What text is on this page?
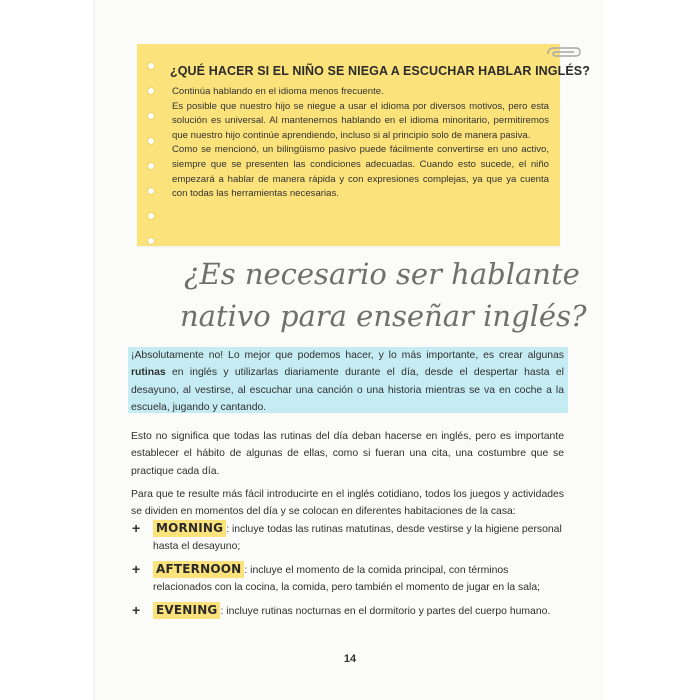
¿QUÉ HACER SI EL NIÑO SE NIEGA A ESCUCHAR HABLAR INGLÉS?

Continúa hablando en el idioma menos frecuente.

Es posible que nuestro hijo se niegue a usar el idioma por diversos motivos, pero esta solución es universal. Al mantenernos hablando en el idioma minoritario, permitiremos que nuestro hijo continúe aprendiendo, incluso si al principio solo de manera pasiva.

Como se mencionó, un bilingüismo pasivo puede fácilmente convertirse en uno activo, siempre que se presenten las condiciones adecuadas. Cuando esto sucede, el niño empezará a hablar de manera rápida y con expresiones complejas, ya que ya cuenta con todas las herramientas necesarias.

¿Es necesario ser hablante
nativo para enseñar inglés?
¡Absolutamente no! Lo mejor que podemos hacer, y lo más importante, es crear algunas rutinas en inglés y utilizarlas diariamente durante el día, desde el despertar hasta el desayuno, al vestirse, al escuchar una canción o una historia mientras se va en coche a la escuela, jugando y cantando.
Esto no significa que todas las rutinas del día deban hacerse en inglés, pero es importante establecer el hábito de algunas de ellas, como si fueran una cita, una costumbre que se practique cada día.
Para que te resulte más fácil introducirte en el inglés cotidiano, todos los juegos y actividades se dividen en momentos del día y se colocan en diferentes habitaciones de la casa:
+ MORNING : incluye todas las rutinas matutinas, desde vestirse y la higiene personal hasta el desayuno;
+ AFTERNOON : incluye el momento de la comida principal, con términos relacionados con la cocina, la comida, pero también el momento de jugar en la sala;
+ EVENING : incluye rutinas nocturnas en el dormitorio y partes del cuerpo humano.
14
